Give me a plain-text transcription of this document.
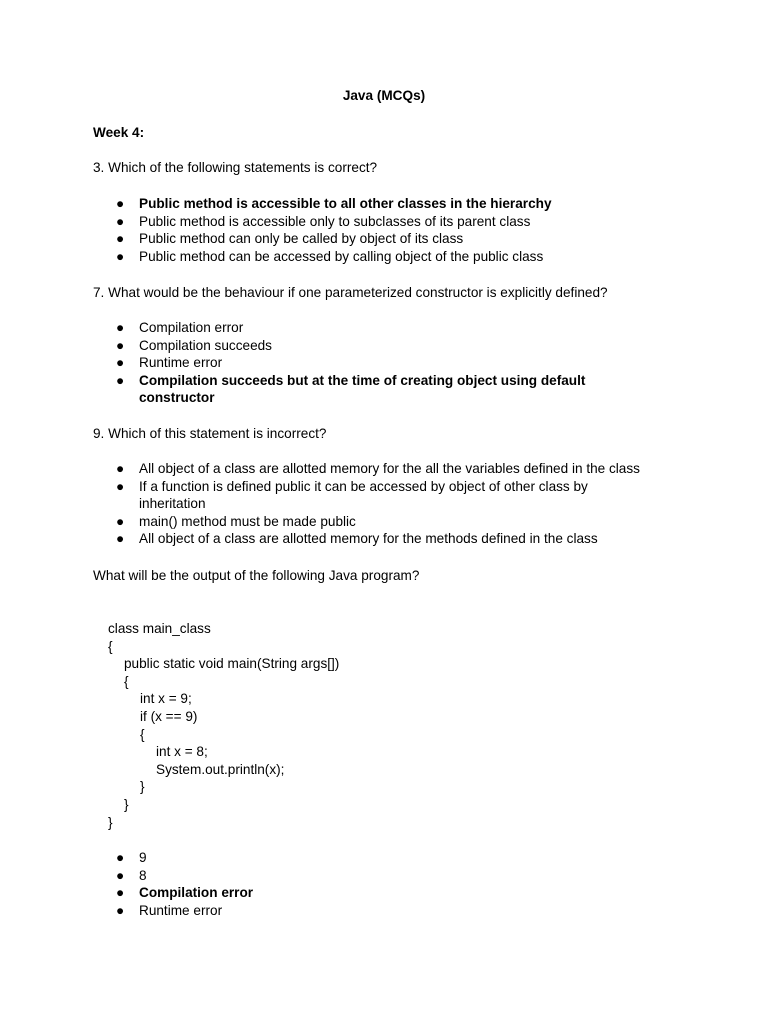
Java (MCQs)
Week 4:
3. Which of the following statements is correct?
● Public method is accessible to all other classes in the hierarchy
● Public method is accessible only to subclasses of its parent class
● Public method can only be called by object of its class
● Public method can be accessed by calling object of the public class
7. What would be the behaviour if one parameterized constructor is explicitly defined?
● Compilation error
● Compilation succeeds
● Runtime error
● Compilation succeeds but at the time of creating object using default
constructor
9. Which of this statement is incorrect?
● All object of a class are allotted memory for the all the variables defined in the class
● If a function is defined public it can be accessed by object of other class by
inheritation
● main() method must be made public
● All object of a class are allotted memory for the methods defined in the class
What will be the output of the following Java program?
class main_class
{
public static void main(String args[])
{
int x = 9;
if (x == 9)
{
int x = 8;
System.out.println(x);
}
}
}
● 9
● 8
● Compilation error
● Runtime error
